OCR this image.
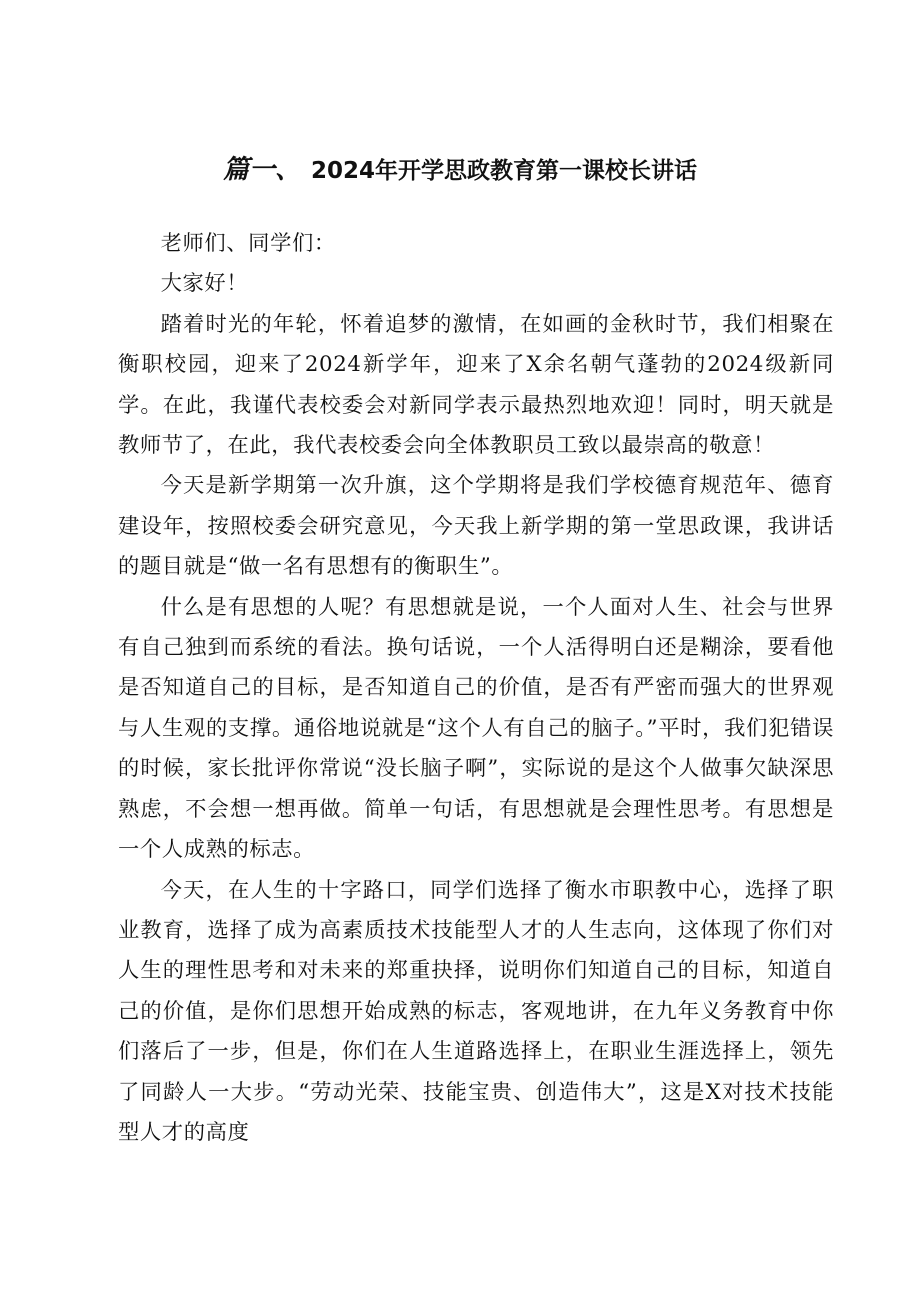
篇一、 2024年开学思政教育第一课校长讲话

老师们、同学们：

大家好！

踏着时光的年轮，怀着追梦的激情，在如画的金秋时节，我们相聚在衡职校园，迎来了2024新学年，迎来了X余名朝气蓬勃的2024级新同学。在此，我谨代表校委会对新同学表示最热烈地欢迎！同时，明天就是教师节了，在此，我代表校委会向全体教职员工致以最崇高的敬意！

今天是新学期第一次升旗，这个学期将是我们学校德育规范年、德育建设年，按照校委会研究意见，今天我上新学期的第一堂思政课，我讲话的题目就是“做一名有思想有的衡职生”。

什么是有思想的人呢？有思想就是说，一个人面对人生、社会与世界有自己独到而系统的看法。换句话说，一个人活得明白还是糊涂，要看他是否知道自己的目标，是否知道自己的价值，是否有严密而强大的世界观与人生观的支撑。通俗地说就是“这个人有自己的脑子。”平时，我们犯错误的时候，家长批评你常说“没长脑子啊”，实际说的是这个人做事欠缺深思熟虑，不会想一想再做。简单一句话，有思想就是会理性思考。有思想是一个人成熟的标志。

今天，在人生的十字路口，同学们选择了衡水市职教中心，选择了职业教育，选择了成为高素质技术技能型人才的人生志向，这体现了你们对人生的理性思考和对未来的郑重抉择，说明你们知道自己的目标，知道自己的价值，是你们思想开始成熟的标志，客观地讲，在九年义务教育中你们落后了一步，但是，你们在人生道路选择上，在职业生涯选择上，领先了同龄人一大步。“劳动光荣、技能宝贵、创造伟大”，这是X对技术技能型人才的高度
